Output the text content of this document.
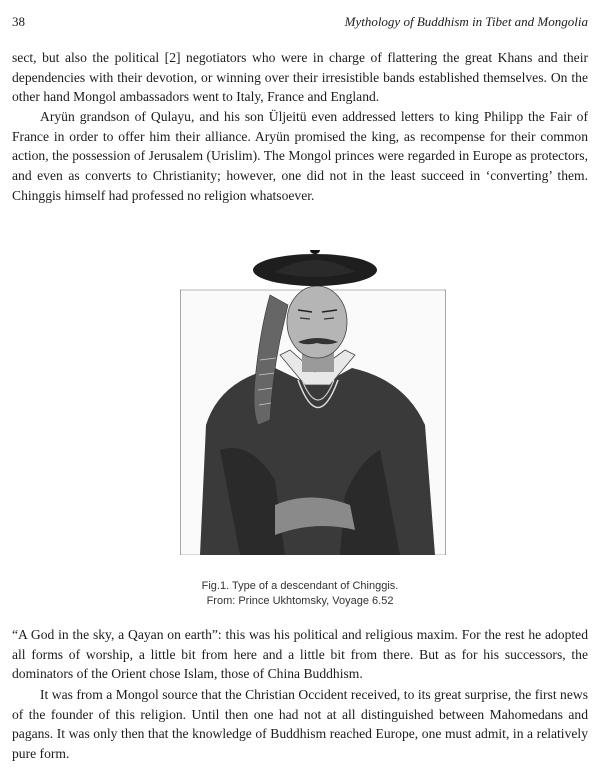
38	Mythology of Buddhism in Tibet and Mongolia

sect, but also the political [2] negotiators who were in charge of flattering the great Khans and their dependencies with their devotion, or winning over their irresistible bands established themselves. On the other hand Mongol ambassadors went to Italy, France and England.

Aryün grandson of Qulayu, and his son Üljeitü even addressed letters to king Philipp the Fair of France in order to offer him their alliance. Aryün promised the king, as recompense for their common action, the possession of Jerusalem (Urislim). The Mongol princes were regarded in Europe as protectors, and even as converts to Christianity; however, one did not in the least succeed in ‘converting’ them. Chinggis himself had professed no religion whatsoever.

Fig.1. Type of a descendant of Chinggis.
From: Prince Ukhtomsky, Voyage 6.52

“A God in the sky, a Qayan on earth”: this was his political and religious maxim. For the rest he adopted all forms of worship, a little bit from here and a little bit from there. But as for his successors, the dominators of the Orient chose Islam, those of China Buddhism.

It was from a Mongol source that the Christian Occident received, to its great surprise, the first news of the founder of this religion. Until then one had not at all distinguished between Mahomedans and pagans. It was only then that the knowledge of Buddhism reached Europe, one must admit, in a relatively pure form.
